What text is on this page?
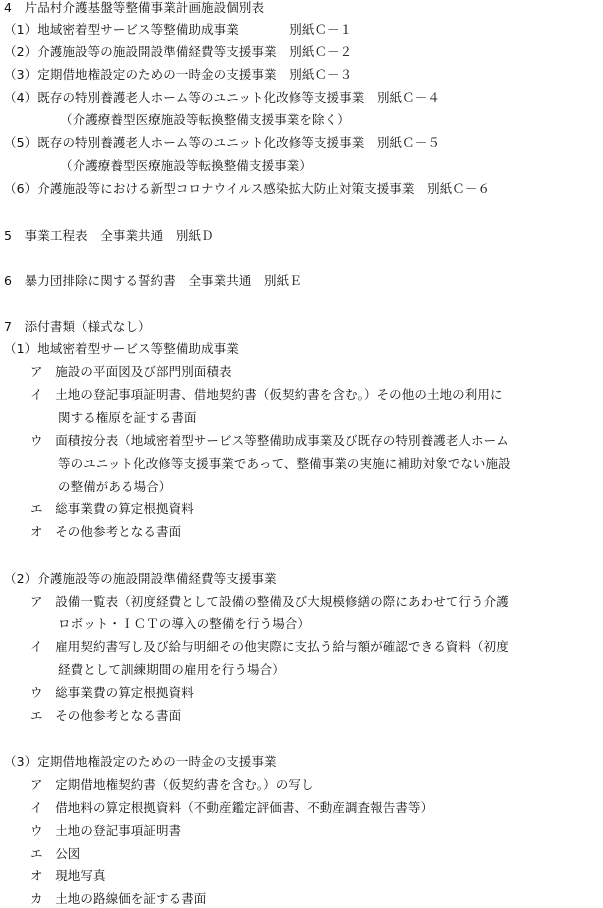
4　片品村介護基盤等整備事業計画施設個別表
（1）地域密着型サービス等整備助成事業　　　　別紙Ｃ－１
（2）介護施設等の施設開設準備経費等支援事業　別紙Ｃ－２
（3）定期借地権設定のための一時金の支援事業　別紙Ｃ－３
（4）既存の特別養護老人ホーム等のユニット化改修等支援事業　別紙Ｃ－４
（介護療養型医療施設等転換整備支援事業を除く）
（5）既存の特別養護老人ホーム等のユニット化改修等支援事業　別紙Ｃ－５
（介護療養型医療施設等転換整備支援事業）
（6）介護施設等における新型コロナウイルス感染拡大防止対策支援事業　別紙Ｃ－６
5　事業工程表　全事業共通　別紙Ｄ
6　暴力団排除に関する誓約書　全事業共通　別紙Ｅ
7　添付書類（様式なし）
（1）地域密着型サービス等整備助成事業
ア　施設の平面図及び部門別面積表
イ　土地の登記事項証明書、借地契約書（仮契約書を含む。）その他の土地の利用に
関する権原を証する書面
ウ　面積按分表（地域密着型サービス等整備助成事業及び既存の特別養護老人ホーム
等のユニット化改修等支援事業であって、整備事業の実施に補助対象でない施設
の整備がある場合）
エ　総事業費の算定根拠資料
オ　その他参考となる書面
（2）介護施設等の施設開設準備経費等支援事業
ア　設備一覧表（初度経費として設備の整備及び大規模修繕の際にあわせて行う介護
ロボット・ＩＣＴの導入の整備を行う場合）
イ　雇用契約書写し及び給与明細その他実際に支払う給与額が確認できる資料（初度
経費として訓練期間の雇用を行う場合）
ウ　総事業費の算定根拠資料
エ　その他参考となる書面
（3）定期借地権設定のための一時金の支援事業
ア　定期借地権契約書（仮契約書を含む。）の写し
イ　借地料の算定根拠資料（不動産鑑定評価書、不動産調査報告書等）
ウ　土地の登記事項証明書
エ　公図
オ　現地写真
カ　土地の路線価を証する書面
